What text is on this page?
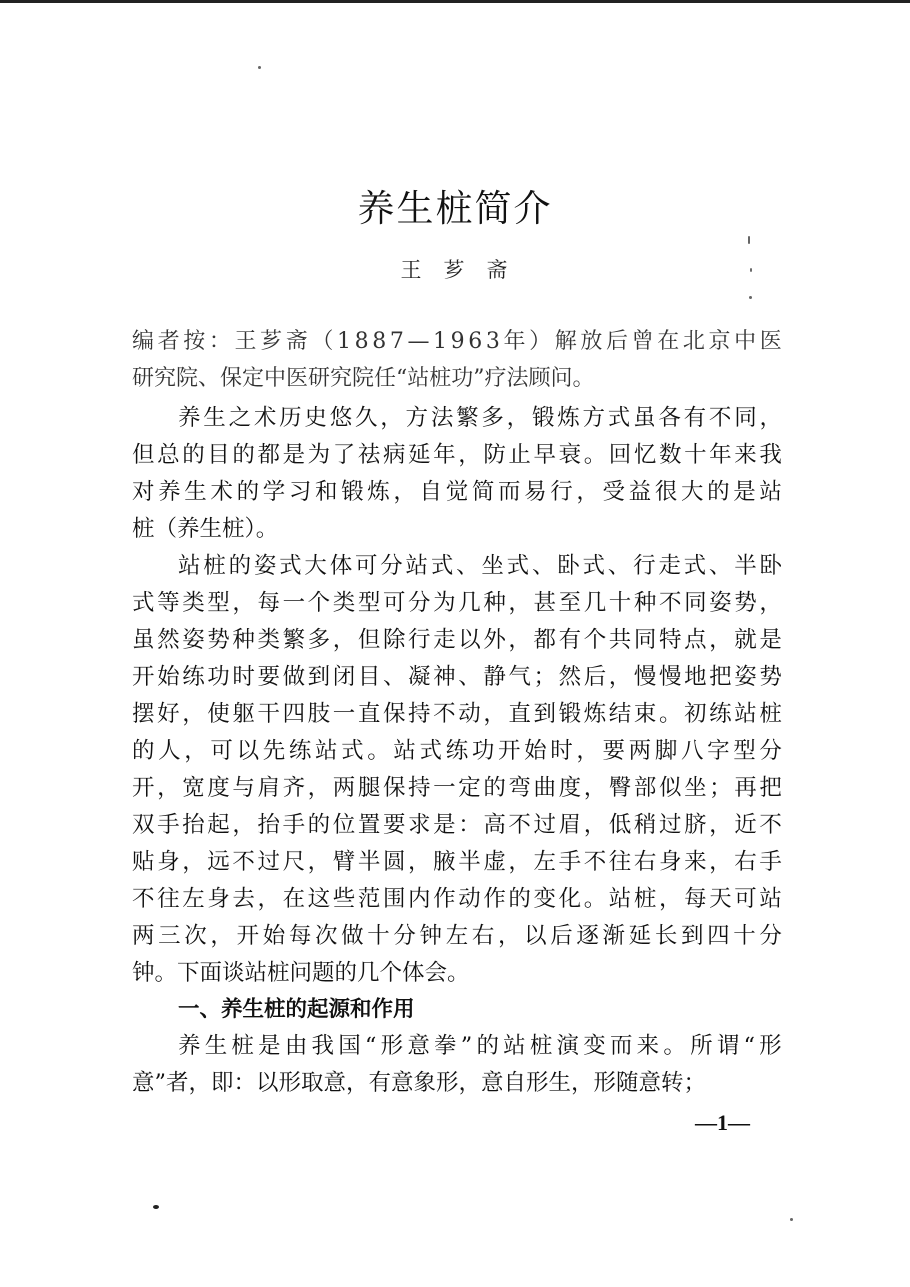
养生桩简介
王芗斋
编 者 按 ： 王 芗 斋 （ 1 8 8 7 — 1 9 6 3 年 ） 解 放 后 曾 在 北 京 中 医
研究院、保定中医研究院任“站桩功”疗法顾问。
养 生 之 术 历 史 悠 久 ， 方 法 繁 多 ， 锻 炼 方 式 虽 各 有 不 同 ，
但 总 的 目 的 都 是 为 了 祛 病 延 年 ， 防 止 早 衰 。 回 忆 数 十 年 来 我
对 养 生 术 的 学 习 和 锻 炼 ， 自 觉 简 而 易 行 ， 受 益 很 大 的 是 站
桩（养生桩）。
站 桩 的 姿 式 大 体 可 分 站 式 、 坐 式 、 卧 式 、 行 走 式 、 半 卧
式 等 类 型 ， 每 一 个 类 型 可 分 为 几 种 ， 甚 至 几 十 种 不 同 姿 势 ，
虽 然 姿 势 种 类 繁 多 ， 但 除 行 走 以 外 ， 都 有 个 共 同 特 点 ， 就 是
开 始 练 功 时 要 做 到 闭 目 、 凝 神 、 静 气 ； 然 后 ， 慢 慢 地 把 姿 势
摆 好 ， 使 躯 干 四 肢 一 直 保 持 不 动 ， 直 到 锻 炼 结 束 。 初 练 站 桩
的 人 ， 可 以 先 练 站 式 。 站 式 练 功 开 始 时 ， 要 两 脚 八 字 型 分
开 ， 宽 度 与 肩 齐 ， 两 腿 保 持 一 定 的 弯 曲 度 ， 臀 部 似 坐 ； 再 把
双 手 抬 起 ， 抬 手 的 位 置 要 求 是 ： 高 不 过 眉 ， 低 稍 过 脐 ， 近 不
贴 身 ， 远 不 过 尺 ， 臂 半 圆 ， 腋 半 虚 ， 左 手 不 往 右 身 来 ， 右 手
不 往 左 身 去 ， 在 这 些 范 围 内 作 动 作 的 变 化 。 站 桩 ， 每 天 可 站
两 三 次 ， 开 始 每 次 做 十 分 钟 左 右 ， 以 后 逐 渐 延 长 到 四 十 分
钟。下面谈站桩问题的几个体会。
一、养生桩的起源和作用
养 生 桩 是 由 我 国 “ 形 意 拳 ” 的 站 桩 演 变 而 来 。 所 谓 “ 形
意”者，即：以形取意，有意象形，意自形生，形随意转；
—1—
